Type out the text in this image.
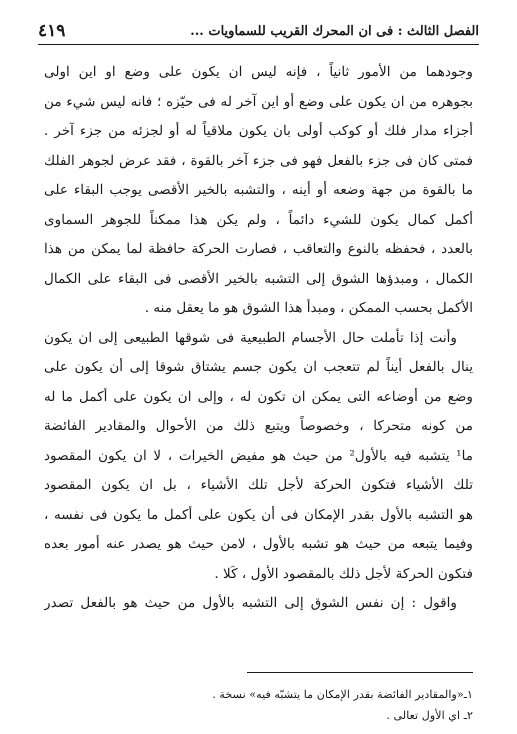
الفصل الثالث : فى ان المحرك القريب للسماويات ...
٤١٩
وجودهما من الأمور ثانياً ، فإنه ليس ان يكون على وضع او اين اولى
بجوهره من ان يكون على وضع أو اين آخر له فى حيّزه ؛ فانه ليس شيء من
أجزاء مدار فلك أو كوكب أولى بان يكون ملاقياً له أو لجزئه من جزء آخر .
فمتى كان فى جزء بالفعل فهو فى جزء آخر بالقوة ، فقد عرض لجوهر الفلك
ما بالقوة من جهة وضعه أو أينه ، والتشبه بالخير الأقصى يوجب البقاء على
أكمل كمال يكون للشيء دائماً ، ولم يكن هذا ممكناً للجوهر السماوى
بالعدد ، فحفظه بالنوع والتعاقب ، فصارت الحركة حافظة لما يمكن من هذا
الكمال ، ومبدؤها الشوق إلى التشبه بالخير الأقصى فى البقاء على الكمال
الأكمل بحسب الممكن ، ومبدأ هذا الشوق هو ما يعقل منه .
وأنت إذا تأملت حال الأجسام الطبيعية فى شوقها الطبيعى إلى ان يكون
ينال بالفعل أيناً لم تتعجب ان يكون جسم يشتاق شوقا إلى أن يكون على
وضع من أوضاعه التى يمكن ان تكون له ، وإلى ان يكون على أكمل ما له
من كونه متحركا ، وخصوصاً ويتبع ذلك من الأحوال والمقادير الفائضة
ما¹ يتشبه فيه بالأول² من حيث هو مفيض الخيرات ، لا ان يكون المقصود
تلك الأشياء فتكون الحركة لأجل تلك الأشياء ، بل ان يكون المقصود
هو التشبه بالأول بقدر الإمكان فى أن يكون على أكمل ما يكون فى نفسه ،
وفيما يتبعه من حيث هو تشبه بالأول ، لامن حيث هو يصدر عنه أمور بعده
فتكون الحركة لأجل ذلك بالمقصود الأول ، كَلا .
واقول : إن نفس الشوق إلى التشبه بالأول من حيث هو بالفعل تصدر
١ـ«والمقادير الفائضة بقدر الإمكان ما يتشبّه فيه» نسخة .
٢ـ اي الأول تعالى .
